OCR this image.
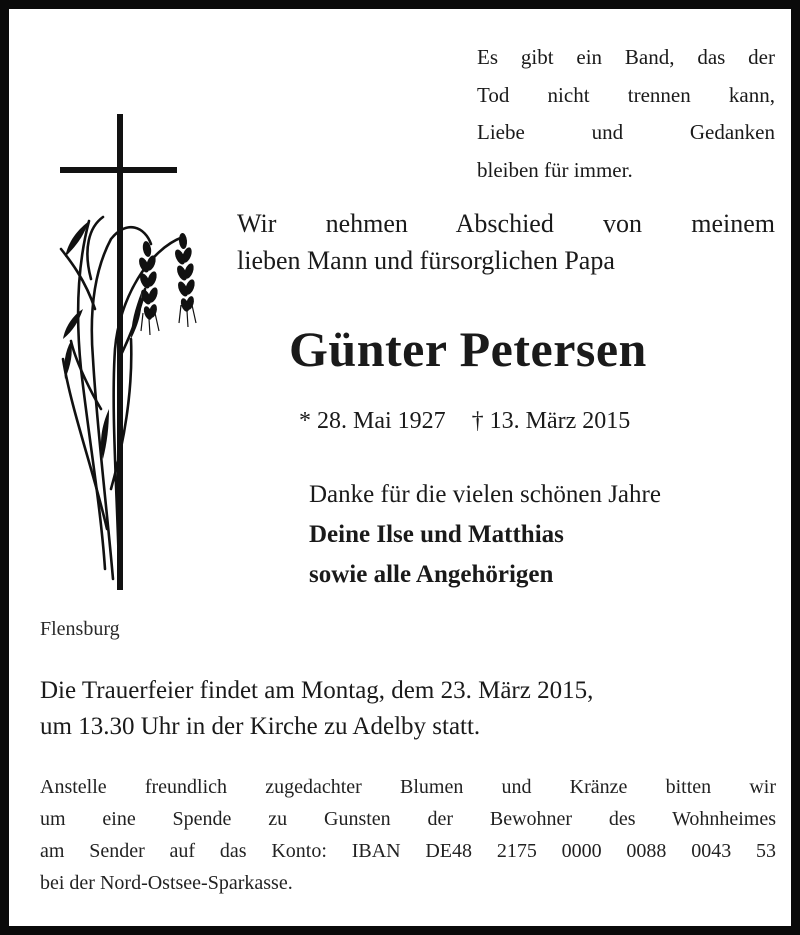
Es gibt ein Band, das der
Tod nicht trennen kann,
Liebe und Gedanken
bleiben für immer.
Wir nehmen Abschied von meinem
lieben Mann und fürsorglichen Papa
Günter Petersen
* 28. Mai 1927 † 13. März 2015
Danke für die vielen schönen Jahre
Deine Ilse und Matthias
sowie alle Angehörigen
Flensburg
Die Trauerfeier findet am Montag, dem 23. März 2015,
um 13.30 Uhr in der Kirche zu Adelby statt.
Anstelle freundlich zugedachter Blumen und Kränze bitten wir
um eine Spende zu Gunsten der Bewohner des Wohnheimes
am Sender auf das Konto: IBAN DE48 2175 0000 0088 0043 53
bei der Nord-Ostsee-Sparkasse.
